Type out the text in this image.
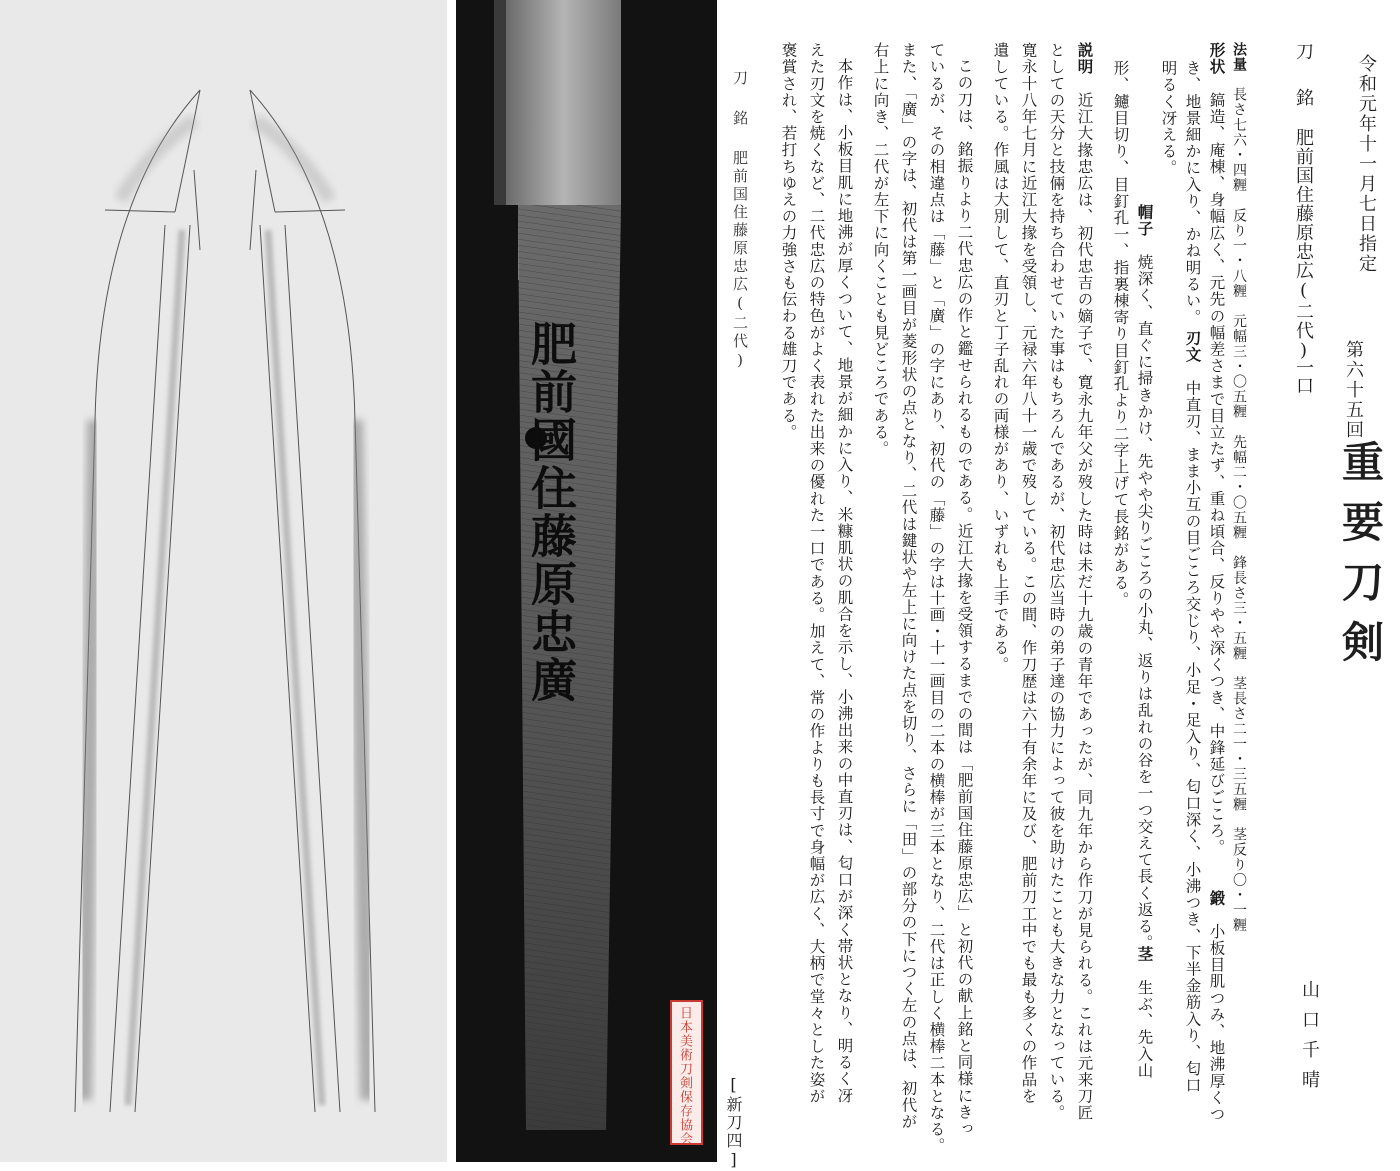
肥前國住藤原忠廣
日本美術刀剣保存協会
刀
銘
肥前国住藤原忠広(二代)
[新刀四]
令和元年十一月七日指定
刀
銘
肥前国住藤原忠広(二代)
一口 第六十五回
重要刀剣
山口千晴
法量　長さ七六・四糎　反り一・八糎　元幅三・〇五糎　先幅二・〇五糎　鋒長さ三・五糎　茎長さ二一・三五糎　茎反り〇・一糎
形状　鎬造、庵棟、身幅広く、元先の幅差さまで目立たず、重ね頃合、反りやや深くつき、中鋒延びごころ。
鍛　小板目肌つみ、地沸厚くつ
き、地景細かに入り、かね明るい。
刃文　中直刃、まま小互の目ごころ交じり、小足・足入り、匂口深く、小沸つき、下半金筋入り、匂口
明るく冴える。
帽子　焼深く、直ぐに掃きかけ、先やや尖りごころの小丸、返りは乱れの谷を一つ交えて長く返る。
茎　生ぶ、先入山
形、鑢目切り、目釘孔一、指裏棟寄り目釘孔より二字上げて長銘がある。
説明　近江大掾忠広は、初代忠吉の嫡子で、寛永九年父が歿した時は未だ十九歳の青年であったが、同九年から作刀が見られる。これは元来刀匠
としての天分と技倆を持ち合わせていた事はもちろんであるが、初代忠広当時の弟子達の協力によって彼を助けたことも大きな力となっている。
寛永十八年七月に近江大掾を受領し、元禄六年八十一歳で歿している。この間、作刀歴は六十有余年に及び、肥前刀工中でも最も多くの作品を
遺している。作風は大別して、直刃と丁子乱れの両様があり、いずれも上手である。
この刀は、銘振りより二代忠広の作と鑑せられるものである。近江大掾を受領するまでの間は「肥前国住藤原忠広」と初代の献上銘と同様にきっ
ているが、その相違点は「藤」と「廣」の字にあり、初代の「藤」の字は十画・十一画目の二本の横棒が三本となり、二代は正しく横棒二本となる。
また、「廣」の字は、初代は第一画目が菱形状の点となり、二代は鍵状や左上に向けた点を切り、さらに「田」の部分の下につく左の点は、初代が
右上に向き、二代が左下に向くことも見どころである。
本作は、小板目肌に地沸が厚くついて、地景が細かに入り、米糠肌状の肌合を示し、小沸出来の中直刃は、匂口が深く帯状となり、明るく冴
えた刃文を焼くなど、二代忠広の特色がよく表れた出来の優れた一口である。加えて、常の作よりも長寸で身幅が広く、大柄で堂々とした姿が
褒賞され、若打ちゆえの力強さも伝わる雄刀である。
